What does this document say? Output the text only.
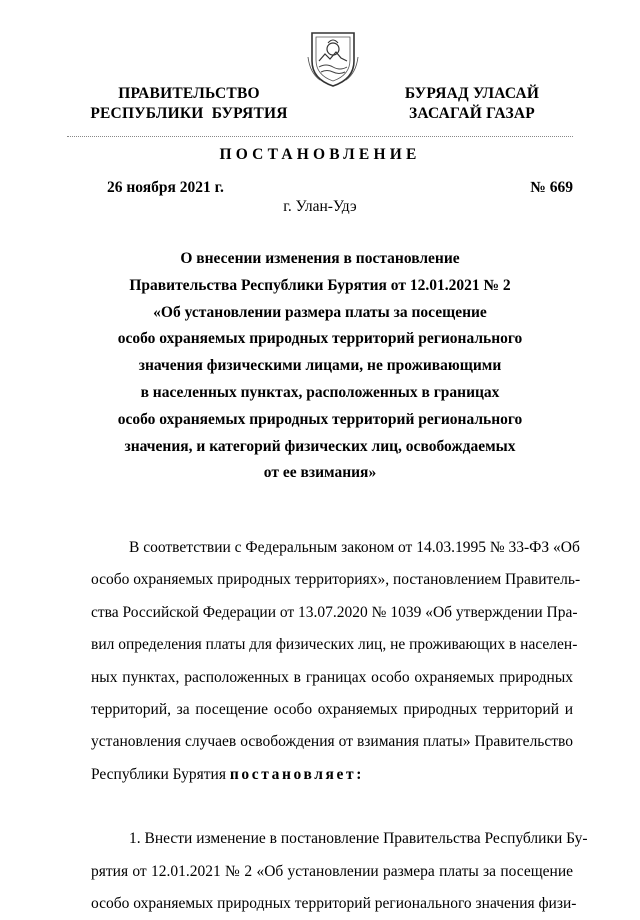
ПРАВИТЕЛЬСТВО
РЕСПУБЛИКИ  БУРЯТИЯ
БУРЯАД УЛАСАЙ
ЗАСАГАЙ ГАЗАР
ПОСТАНОВЛЕНИЕ
26 ноября 2021 г.	№ 669
г. Улан-Удэ
О внесении изменения в постановление
Правительства Республики Бурятия от 12.01.2021 № 2
«Об установлении размера платы за посещение
особо охраняемых природных территорий регионального
значения физическими лицами, не проживающими
в населенных пунктах, расположенных в границах
особо охраняемых природных территорий регионального
значения, и категорий физических лиц, освобождаемых
от ее взимания»
В соответствии с Федеральным законом от 14.03.1995 № 33-ФЗ «Об
особо охраняемых природных территориях», постановлением Правитель-
ства Российской Федерации от 13.07.2020 № 1039 «Об утверждении Пра-
вил определения платы для физических лиц, не проживающих в населен-
ных пунктах, расположенных в границах особо охраняемых природных
территорий, за посещение особо охраняемых природных территорий и
установления случаев освобождения от взимания платы» Правительство
Республики Бурятия постановляет:
1. Внести изменение в постановление Правительства Республики Бу-
рятия от 12.01.2021 № 2 «Об установлении размера платы за посещение
особо охраняемых природных территорий регионального значения физи-
